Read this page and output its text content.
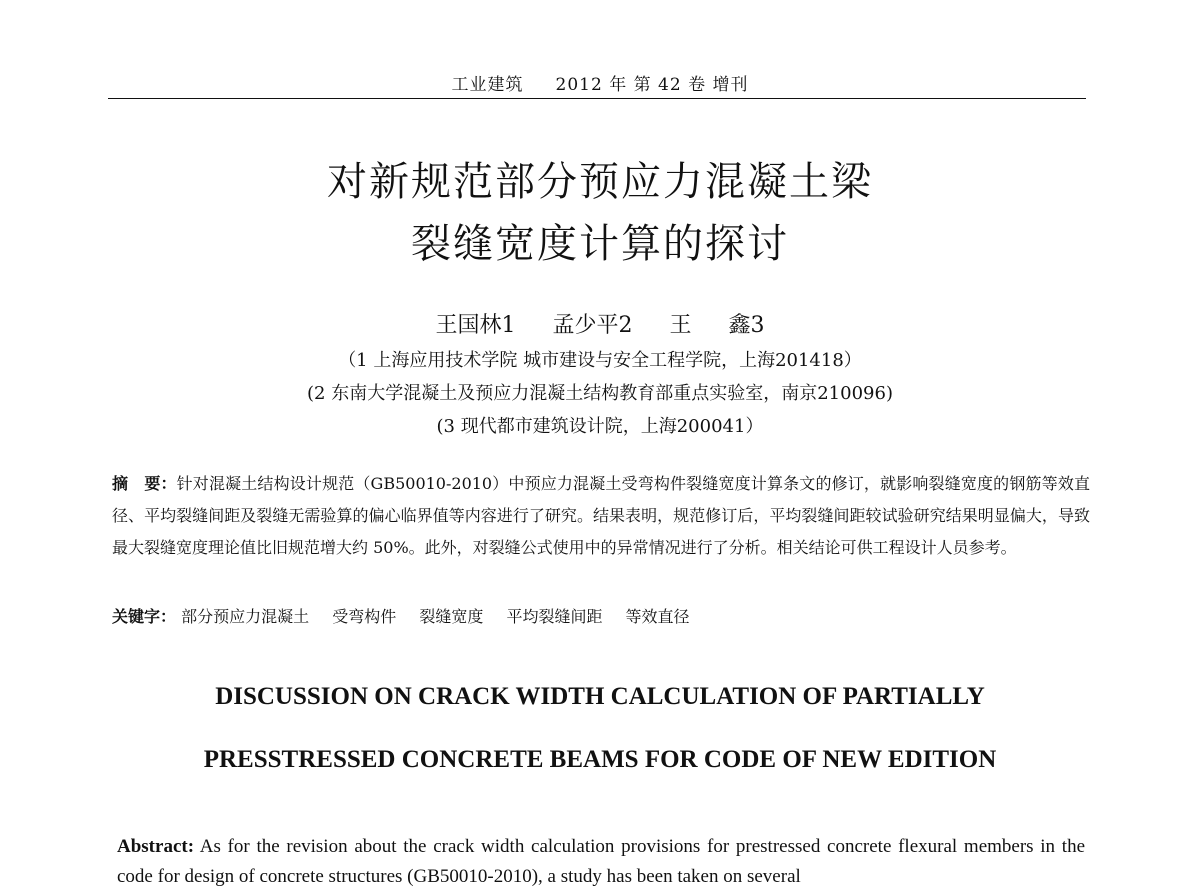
工业建筑 2012 年 第 42 卷 增刊
对新规范部分预应力混凝土梁
裂缝宽度计算的探讨
王国林1 孟少平2 王 鑫3
（1 上海应用技术学院 城市建设与安全工程学院，上海201418）
(2 东南大学混凝土及预应力混凝土结构教育部重点实验室，南京210096)
(3 现代都市建筑设计院，上海200041）
摘　要：针对混凝土结构设计规范（GB50010-2010）中预应力混凝土受弯构件裂缝宽度计算条文的修订，就影响裂缝宽度的钢筋等效直径、平均裂缝间距及裂缝无需验算的偏心临界值等内容进行了研究。结果表明，规范修订后，平均裂缝间距较试验研究结果明显偏大，导致最大裂缝宽度理论值比旧规范增大约 50%。此外，对裂缝公式使用中的异常情况进行了分析。相关结论可供工程设计人员参考。
关键字： 部分预应力混凝土 受弯构件 裂缝宽度 平均裂缝间距 等效直径
DISCUSSION ON CRACK WIDTH CALCULATION OF PARTIALLY
PRESSTRESSED CONCRETE BEAMS FOR CODE OF NEW EDITION
Abstract: As for the revision about the crack width calculation provisions for prestressed concrete flexural members in the code for design of concrete structures (GB50010-2010), a study has been taken on several
